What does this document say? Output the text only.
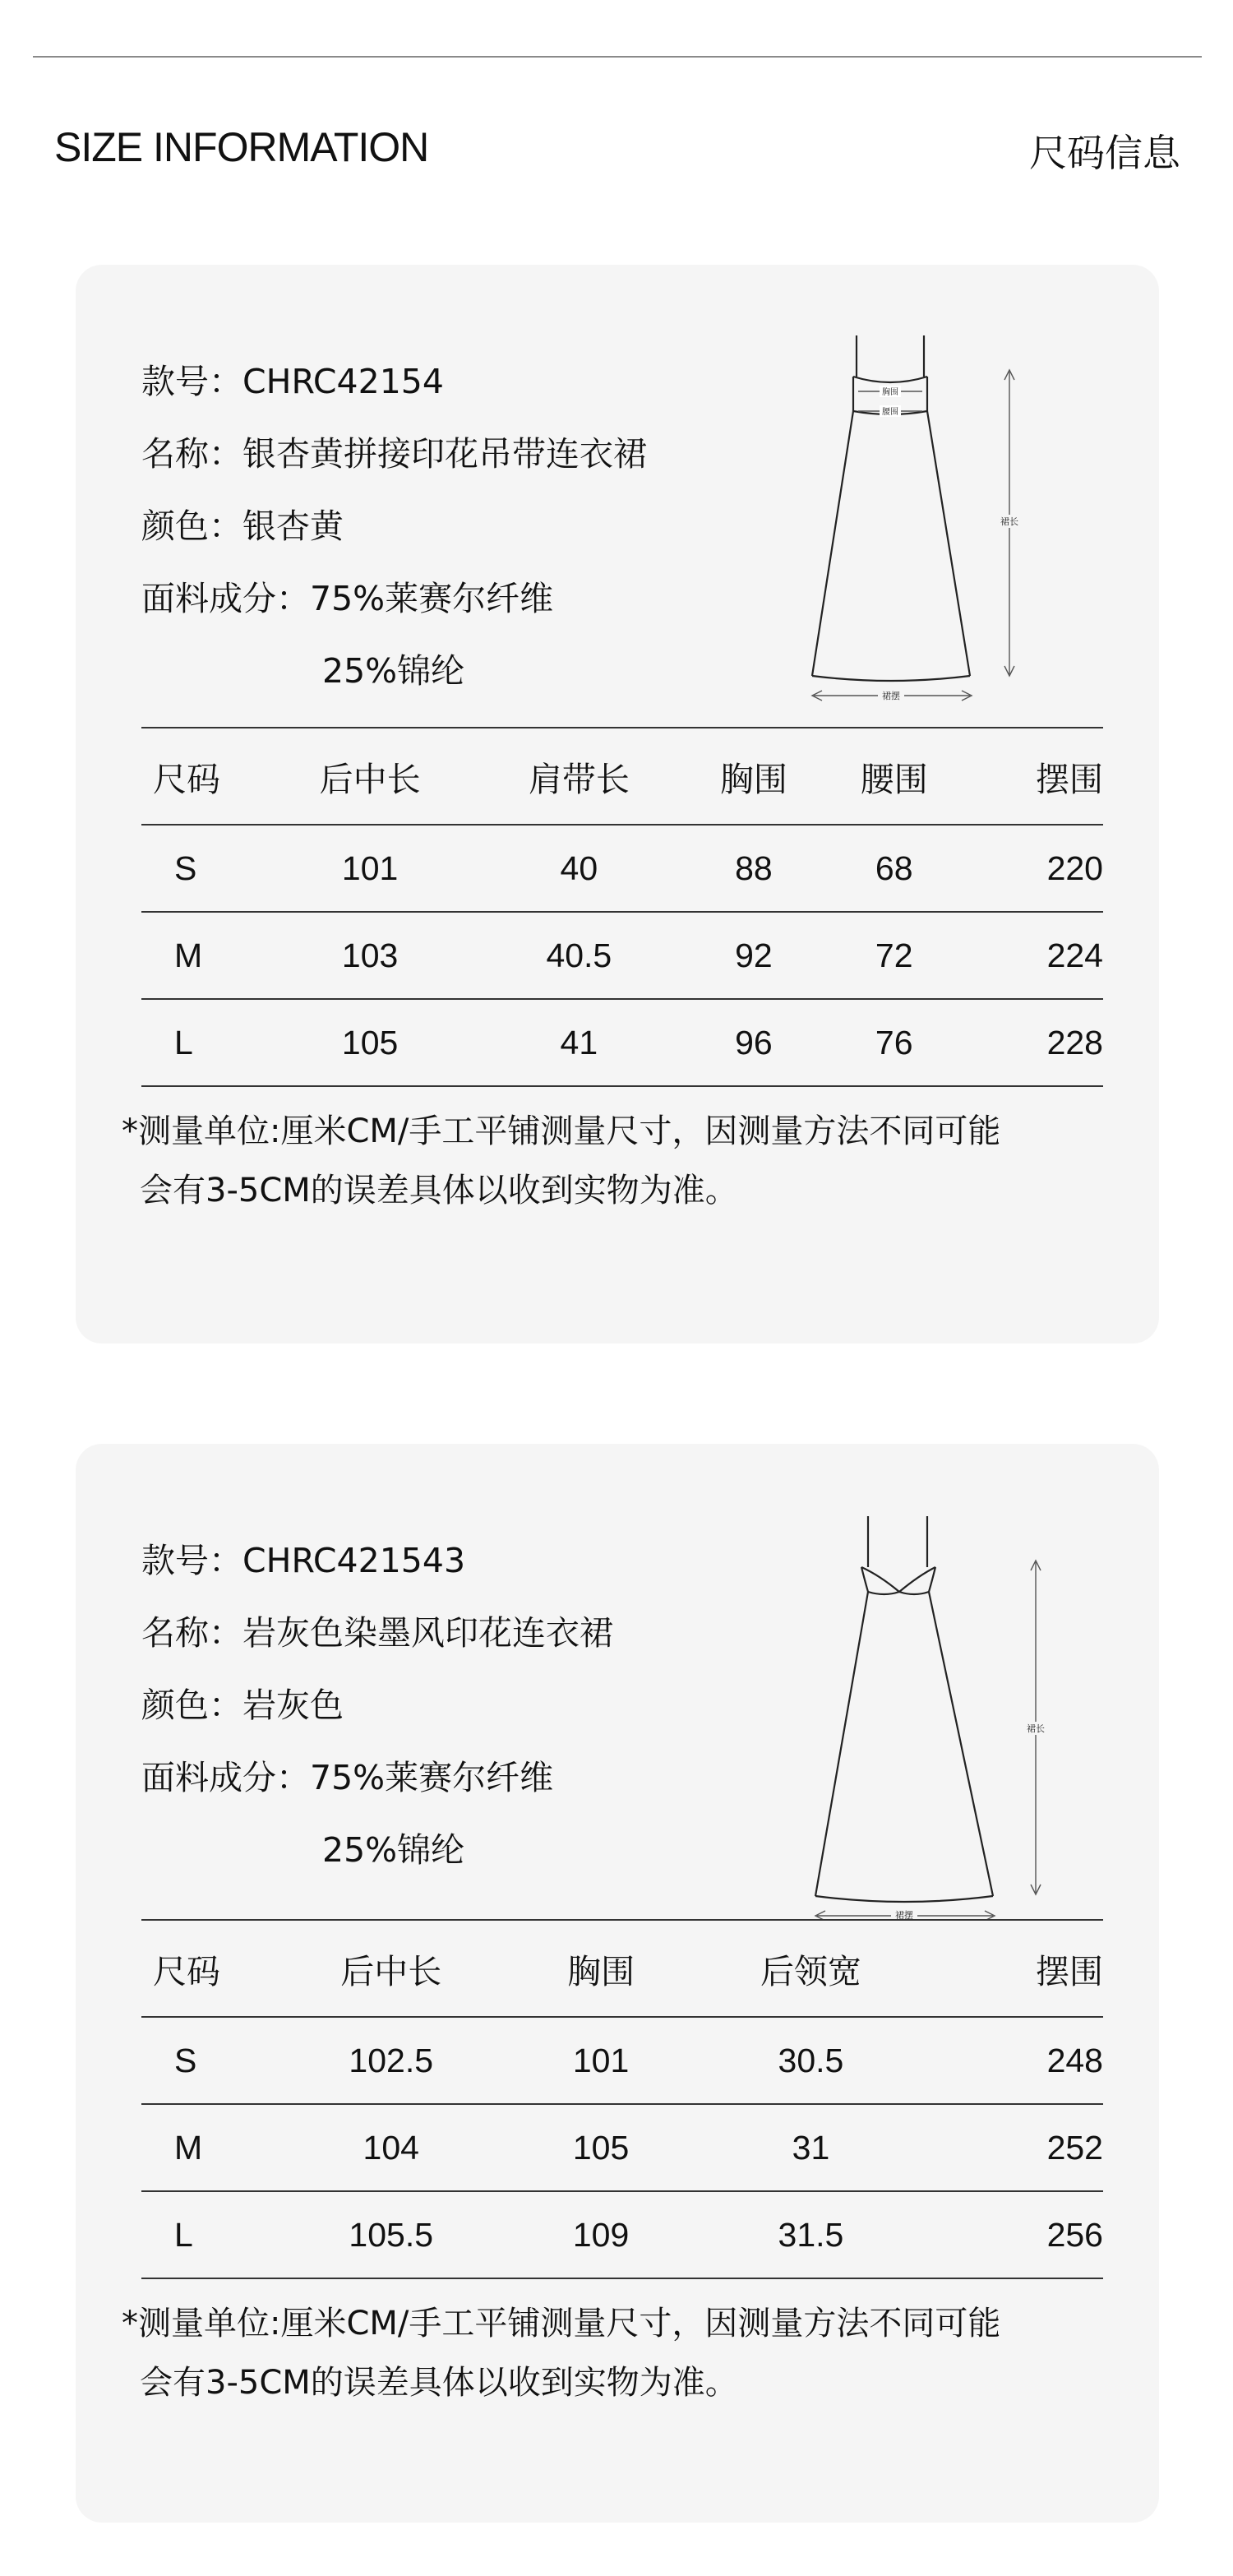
SIZE INFORMATION	尺码信息
款号：CHRC42154
名称：银杏黄拼接印花吊带连衣裙
颜色：银杏黄
面料成分：75%莱赛尔纤维
25%锦纶
胸围
腰围
裙长
裙摆
尺码	后中长	肩带长	胸围	腰围	摆围
S	101	40	88	68	220
M	103	40.5	92	72	224
L	105	41	96	76	228
*测量单位:厘米CM/手工平铺测量尺寸，因测量方法不同可能
会有3-5CM的误差具体以收到实物为准。
款号：CHRC421543
名称：岩灰色染墨风印花连衣裙
颜色：岩灰色
面料成分：75%莱赛尔纤维
25%锦纶
裙长
裙摆
尺码	后中长	胸围	后领宽	摆围
S	102.5	101	30.5	248
M	104	105	31	252
L	105.5	109	31.5	256
*测量单位:厘米CM/手工平铺测量尺寸，因测量方法不同可能
会有3-5CM的误差具体以收到实物为准。
